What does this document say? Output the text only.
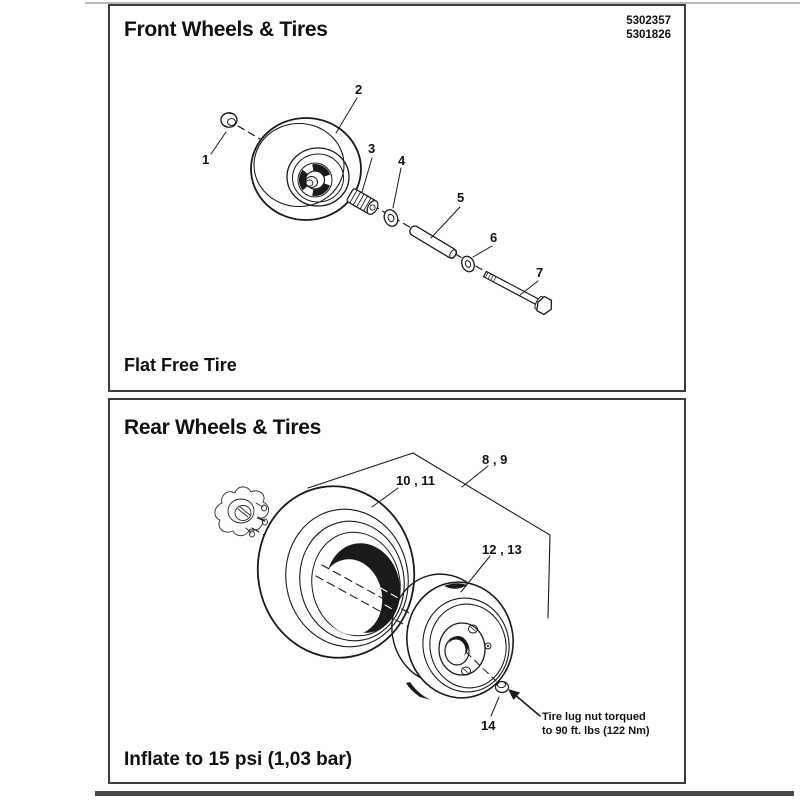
Front Wheels & Tires	5302357
5301826
1
2
3
4
5
6
7
Flat Free Tire
Rear Wheels & Tires
8 , 9
10 , 11
12 , 13
14
Tire lug nut torqued
to 90 ft. lbs (122 Nm)
Inflate to 15 psi (1,03 bar)
